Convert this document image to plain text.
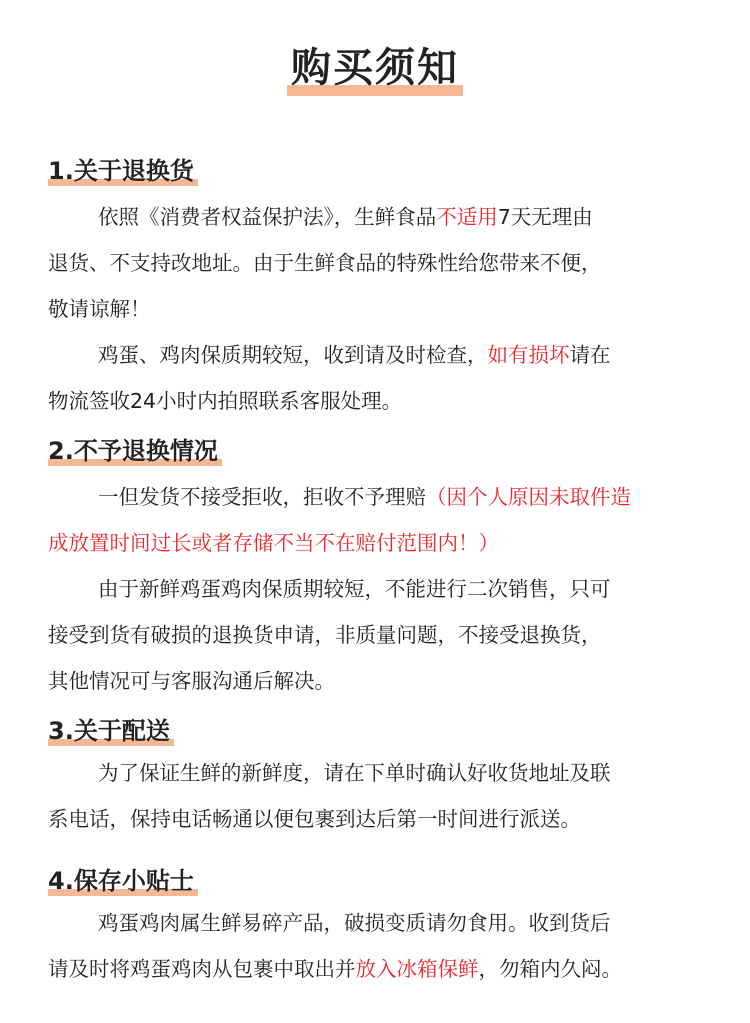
购买须知
1.关于退换货
依照《消费者权益保护法》，生鲜食品不适用7天无理由
退货、不支持改地址。由于生鲜食品的特殊性给您带来不便，
敬请谅解！
鸡蛋、鸡肉保质期较短，收到请及时检查，如有损坏请在
物流签收24小时内拍照联系客服处理。
2.不予退换情况
一但发货不接受拒收，拒收不予理赔（因个人原因未取件造
成放置时间过长或者存储不当不在赔付范围内！）
由于新鲜鸡蛋鸡肉保质期较短，不能进行二次销售，只可
接受到货有破损的退换货申请，非质量问题，不接受退换货，
其他情况可与客服沟通后解决。
3.关于配送
为了保证生鲜的新鲜度，请在下单时确认好收货地址及联
系电话，保持电话畅通以便包裹到达后第一时间进行派送。
4.保存小贴士
鸡蛋鸡肉属生鲜易碎产品，破损变质请勿食用。收到货后
请及时将鸡蛋鸡肉从包裹中取出并放入冰箱保鲜，勿箱内久闷。
